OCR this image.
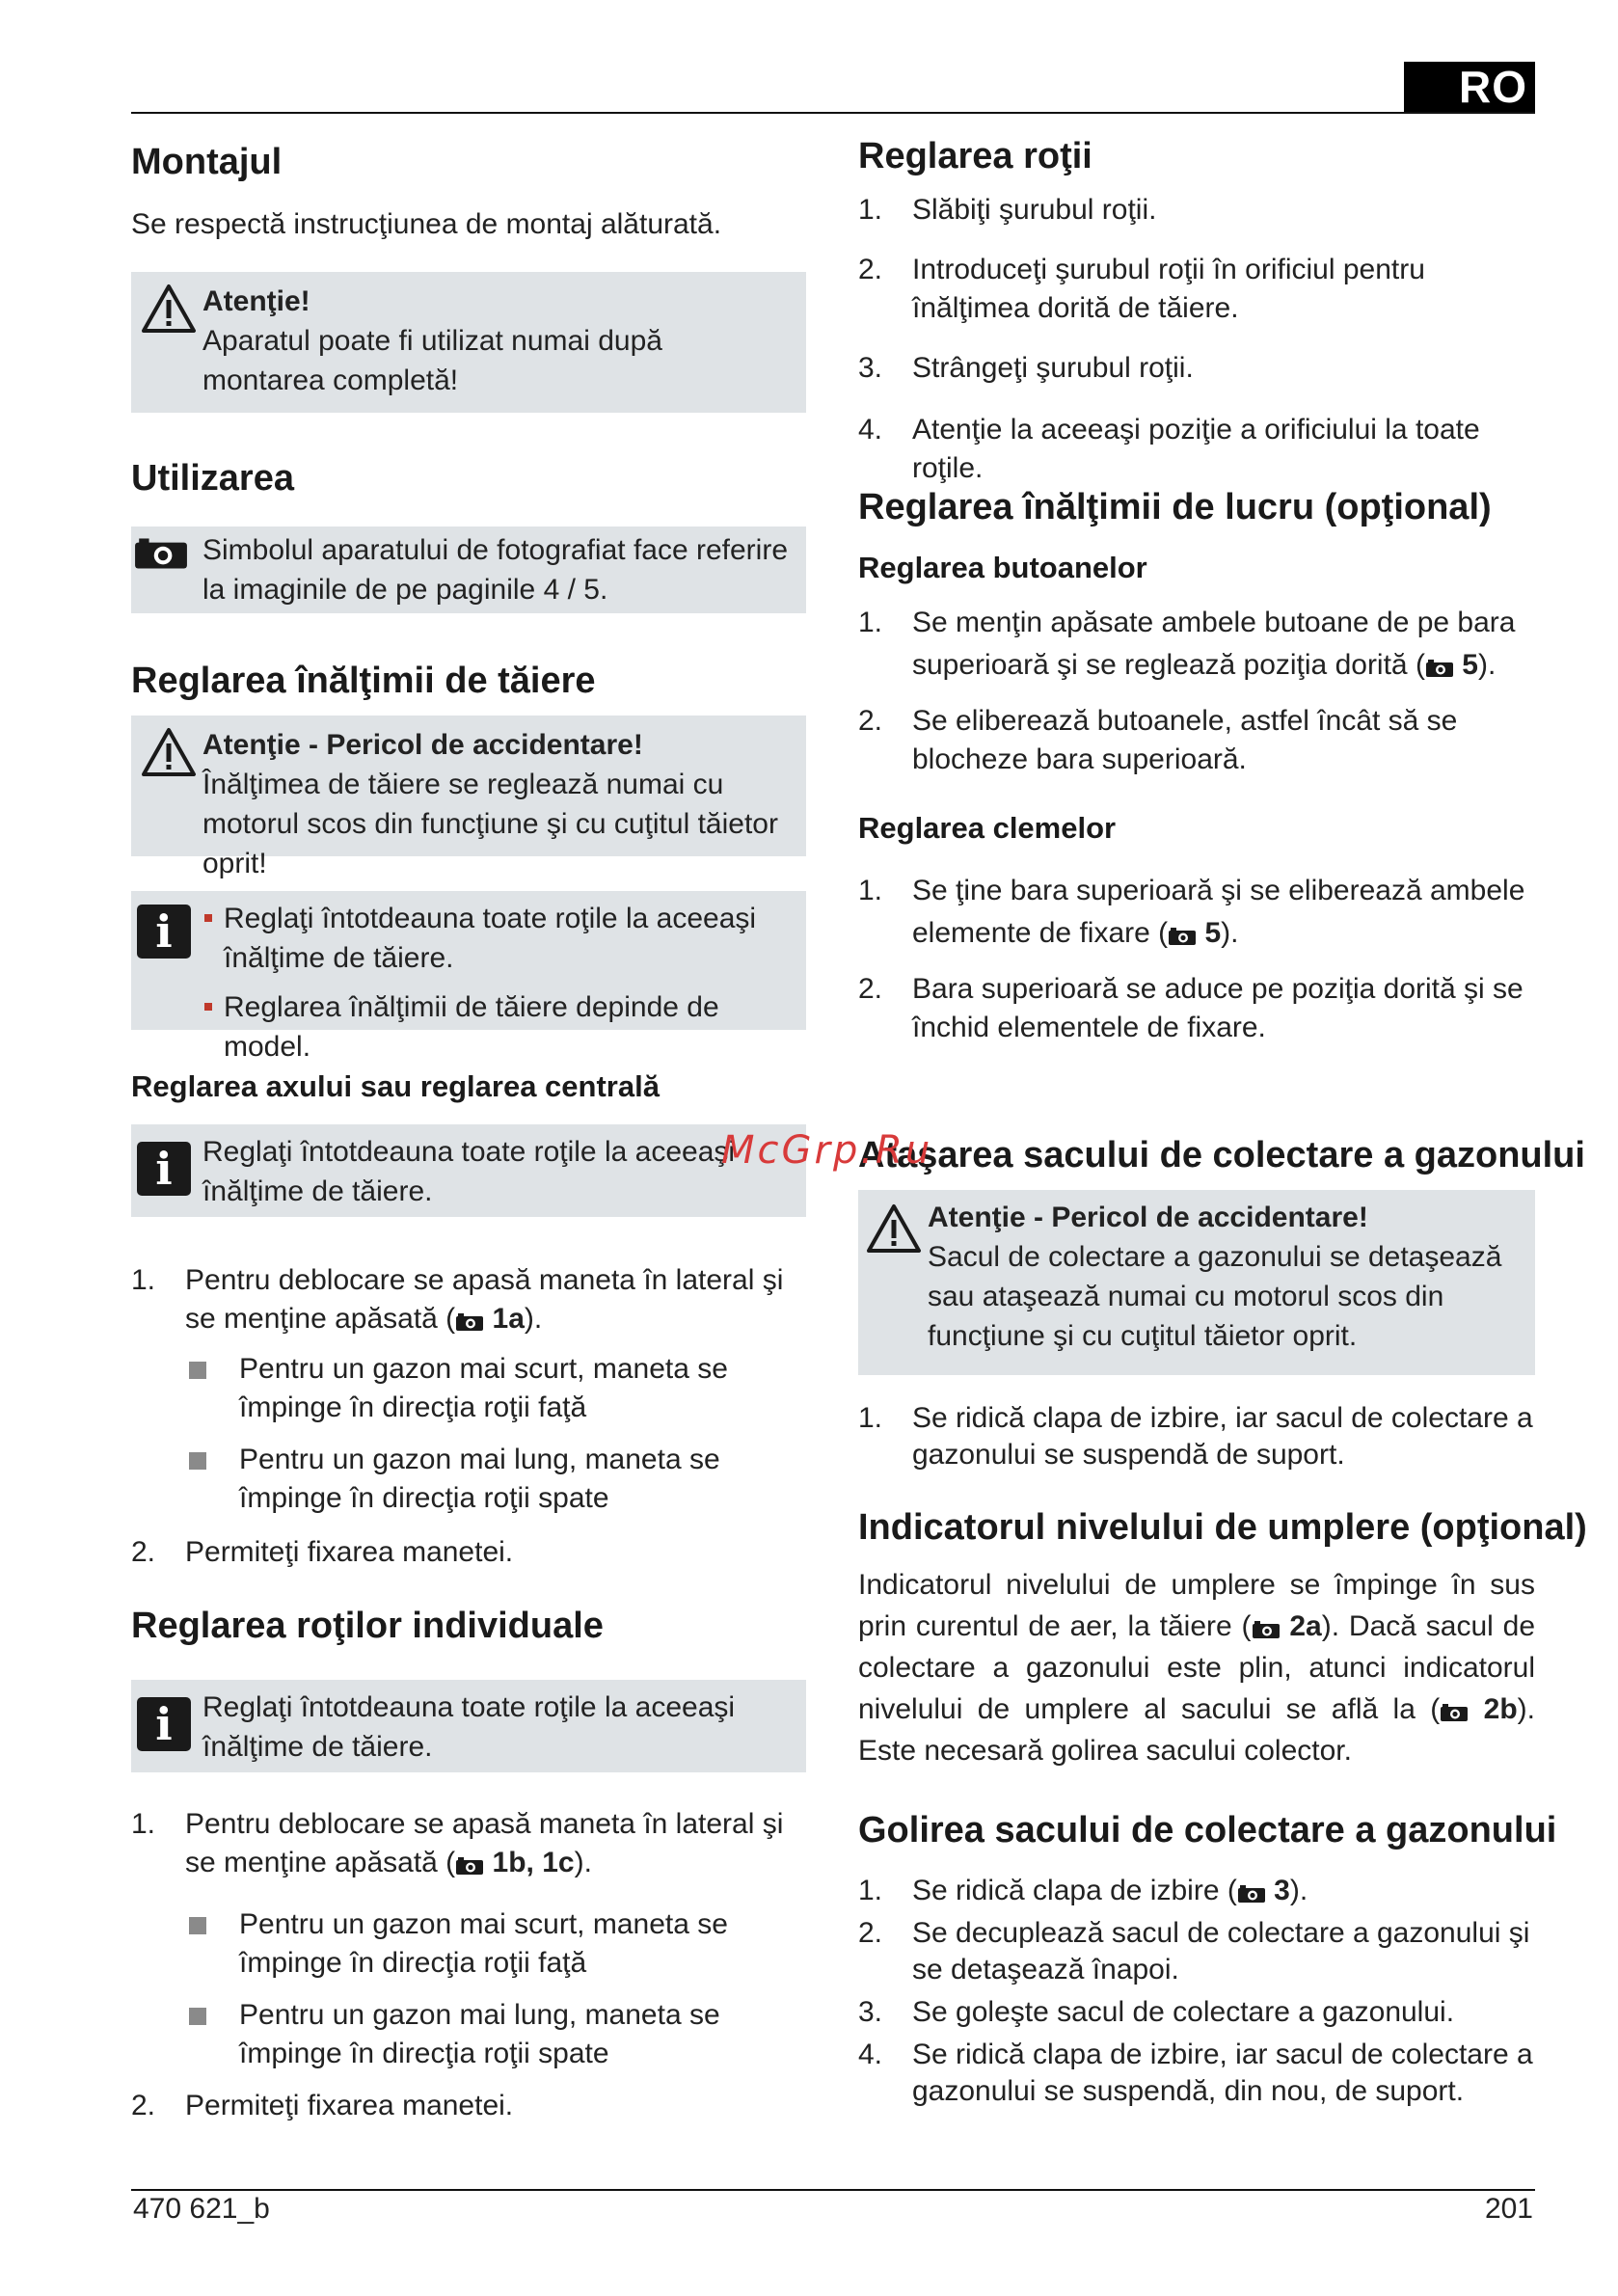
RO
Montajul

Se respectă instrucţiunea de montaj alăturată.

Atenţie!
Aparatul poate fi utilizat numai după montarea completă!
Utilizarea
Simbolul aparatului de fotografiat face referire la imaginile de pe paginile 4 / 5.
Reglarea înălţimii de tăiere
Atenţie - Pericol de accidentare!
Înălţimea de tăiere se reglează numai cu motorul scos din funcţiune şi cu cuţitul tăietor oprit!
i	Reglaţi întotdeauna toate roţile la aceeaşi înălţime de tăiere.
Reglarea înălţimii de tăiere depinde de model.
Reglarea axului sau reglarea centrală
i	Reglaţi întotdeauna toate roţile la aceeaşi înălţime de tăiere.
1. Pentru deblocare se apasă maneta în lateral şi se menţine apăsată ( 1a).
Pentru un gazon mai scurt, maneta se împinge în direcţia roţii faţă
Pentru un gazon mai lung, maneta se împinge în direcţia roţii spate
2. Permiteţi fixarea manetei.
Reglarea roţilor individuale
i	Reglaţi întotdeauna toate roţile la aceeaşi înălţime de tăiere.
1. Pentru deblocare se apasă maneta în lateral şi se menţine apăsată ( 1b, 1c).
Pentru un gazon mai scurt, maneta se împinge în direcţia roţii faţă
Pentru un gazon mai lung, maneta se împinge în direcţia roţii spate
2. Permiteţi fixarea manetei.
Reglarea roţii
1. Slăbiţi şurubul roţii.
2. Introduceţi şurubul roţii în orificiul pentru înălţimea dorită de tăiere.
3. Strângeţi şurubul roţii.
4. Atenţie la aceeaşi poziţie a orificiului la toate roţile.
Reglarea înălţimii de lucru (opţional)
Reglarea butoanelor
1. Se menţin apăsate ambele butoane de pe bara superioară şi se reglează poziţia dorită ( 5).
2. Se eliberează butoanele, astfel încât să se blocheze bara superioară.
Reglarea clemelor
1. Se ţine bara superioară şi se eliberează ambele elemente de fixare ( 5).
2. Bara superioară se aduce pe poziţia dorită şi se închid elementele de fixare.
Ataşarea sacului de colectare a gazonului
Atenţie - Pericol de accidentare!
Sacul de colectare a gazonului se detaşează sau ataşează numai cu motorul scos din funcţiune şi cu cuţitul tăietor oprit.
1. Se ridică clapa de izbire, iar sacul de colectare a gazonului se suspendă de suport.
Indicatorul nivelului de umplere (opţional)

Indicatorul nivelului de umplere se împinge în sus prin curentul de aer, la tăiere ( 2a). Dacă sacul de colectare a gazonului este plin, atunci indicatorul nivelului de umplere al sacului se află la ( 2b). Este necesară golirea sacului colector.

Golirea sacului de colectare a gazonului
1. Se ridică clapa de izbire ( 3).
2. Se decuplează sacul de colectare a gazonului şi se detaşează înapoi.
3. Se goleşte sacul de colectare a gazonului.
4. Se ridică clapa de izbire, iar sacul de colectare a gazonului se suspendă, din nou, de suport.
McGrp.Ru
470 621_b	201
